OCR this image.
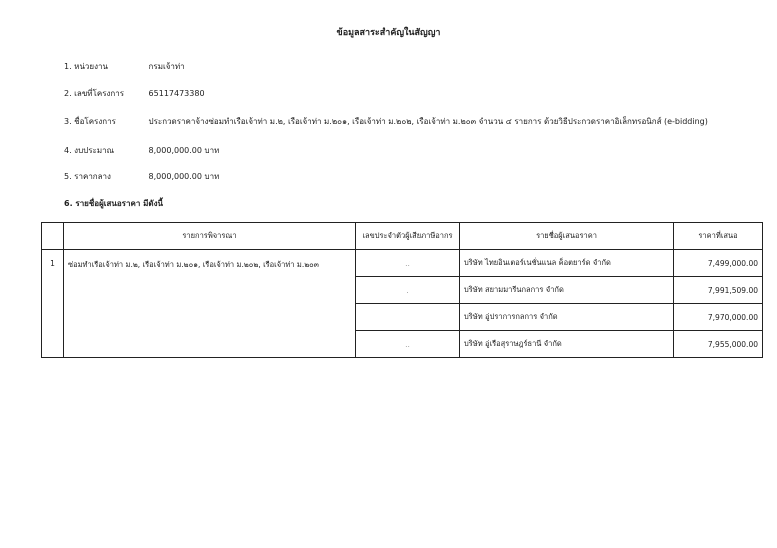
ข้อมูลสาระสำคัญในสัญญา
1. หน่วยงาน	กรมเจ้าท่า
2. เลขที่โครงการ	65117473380
3. ชื่อโครงการ	ประกวดราคาจ้างซ่อมทำเรือเจ้าท่า ม.๒, เรือเจ้าท่า ม.๒๐๑, เรือเจ้าท่า ม.๒๐๒, เรือเจ้าท่า ม.๒๐๓ จำนวน ๔ รายการ ด้วยวิธีประกวดราคาอิเล็กทรอนิกส์ (e-bidding)
4. งบประมาณ	8,000,000.00 บาท
5. ราคากลาง	8,000,000.00 บาท
6. รายชื่อผู้เสนอราคา มีดังนี้
	รายการพิจารณา	เลขประจำตัวผู้เสียภาษีอากร	รายชื่อผู้เสนอราคา	ราคาที่เสนอ
1	ซ่อมทำเรือเจ้าท่า ม.๒, เรือเจ้าท่า ม.๒๐๑, เรือเจ้าท่า ม.๒๐๒, เรือเจ้าท่า ม.๒๐๓	..	บริษัท ไทยอินเตอร์เนชั่นแนล ค็อตยาร์ด จำกัด	7,499,000.00
		.	บริษัท สยามมารีนกลการ จำกัด	7,991,509.00
			บริษัท อู่ปราการกลการ จำกัด	7,970,000.00
		..	บริษัท อู่เรือสุราษฎร์ธานี จำกัด	7,955,000.00
